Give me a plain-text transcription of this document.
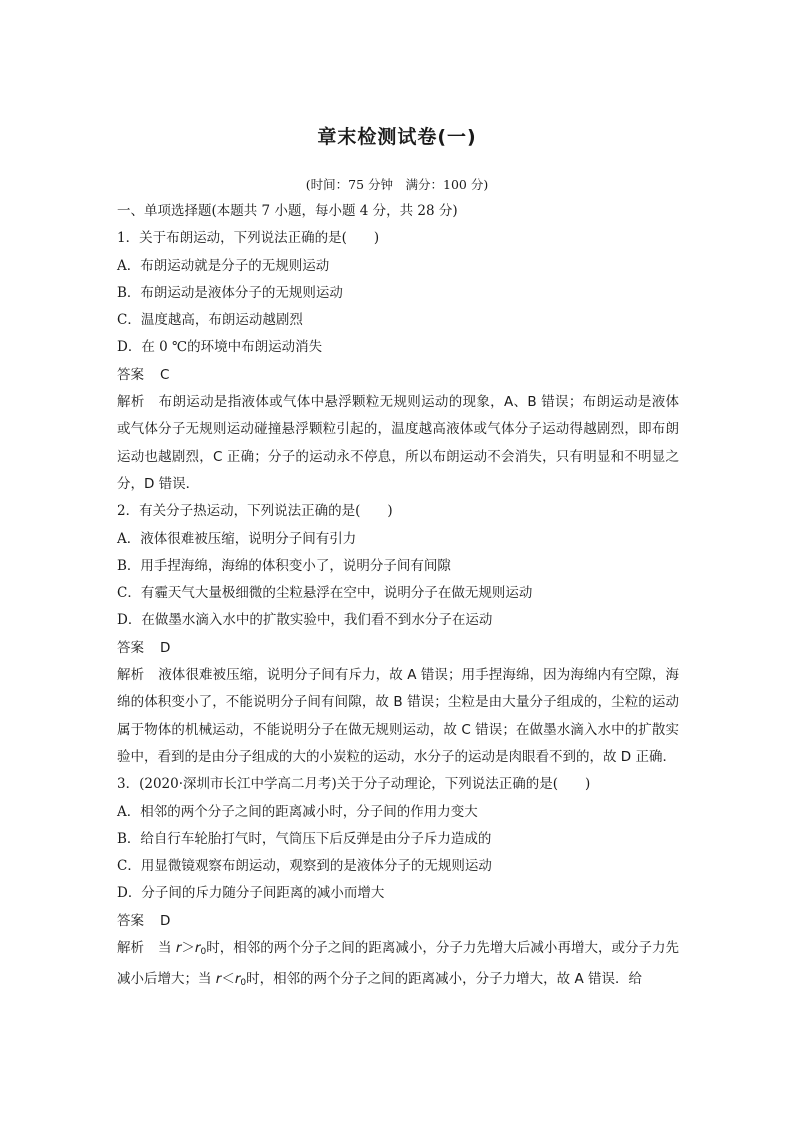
章末检测试卷(一)
(时间：75 分钟　满分：100 分)
一、单项选择题(本题共 7 小题，每小题 4 分，共 28 分)
1．关于布朗运动，下列说法正确的是(　　)
A．布朗运动就是分子的无规则运动
B．布朗运动是液体分子的无规则运动
C．温度越高，布朗运动越剧烈
D．在 0 ℃的环境中布朗运动消失
答案 C
解析 布朗运动是指液体或气体中悬浮颗粒无规则运动的现象，A、B 错误；布朗运动是液体或气体分子无规则运动碰撞悬浮颗粒引起的，温度越高液体或气体分子运动得越剧烈，即布朗运动也越剧烈，C 正确；分子的运动永不停息，所以布朗运动不会消失，只有明显和不明显之分，D 错误．
2．有关分子热运动，下列说法正确的是(　　)
A．液体很难被压缩，说明分子间有引力
B．用手捏海绵，海绵的体积变小了，说明分子间有间隙
C．有霾天气大量极细微的尘粒悬浮在空中，说明分子在做无规则运动
D．在做墨水滴入水中的扩散实验中，我们看不到水分子在运动
答案 D
解析 液体很难被压缩，说明分子间有斥力，故 A 错误；用手捏海绵，因为海绵内有空隙，海绵的体积变小了，不能说明分子间有间隙，故 B 错误；尘粒是由大量分子组成的，尘粒的运动属于物体的机械运动，不能说明分子在做无规则运动，故 C 错误；在做墨水滴入水中的扩散实验中，看到的是由分子组成的大的小炭粒的运动，水分子的运动是肉眼看不到的，故 D 正确．
3．(2020·深圳市长江中学高二月考)关于分子动理论，下列说法正确的是(　　)
A．相邻的两个分子之间的距离减小时，分子间的作用力变大
B．给自行车轮胎打气时，气筒压下后反弹是由分子斥力造成的
C．用显微镜观察布朗运动，观察到的是液体分子的无规则运动
D．分子间的斥力随分子间距离的减小而增大
答案 D
解析 当 $r>r_0$时，相邻的两个分子之间的距离减小，分子力先增大后减小再增大，或分子力先减小后增大；当 $r<r_0$时，相邻的两个分子之间的距离减小，分子力增大，故 A 错误．给
